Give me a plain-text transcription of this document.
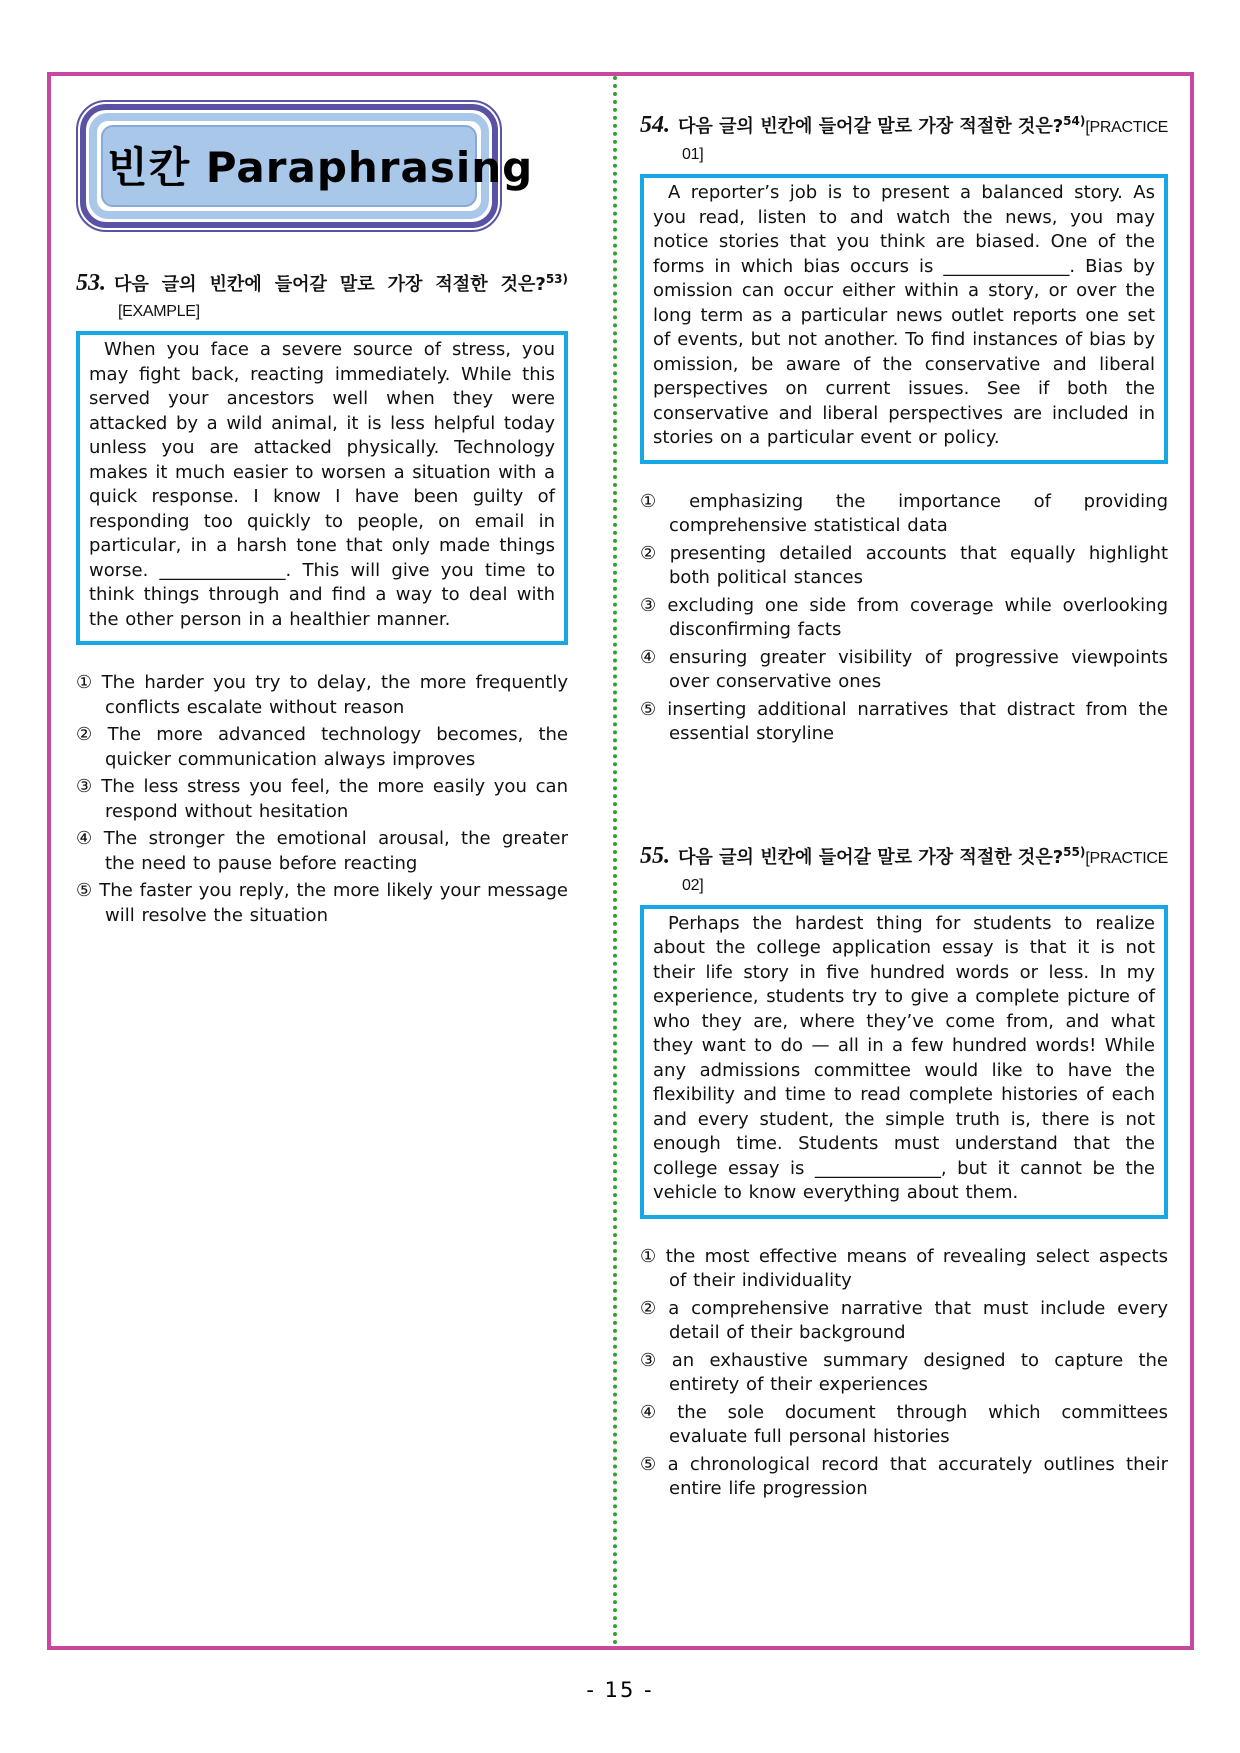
빈칸 Paraphrasing
53. 다음 글의 빈칸에 들어갈 말로 가장 적절한 것은?$^{53)}$[EXAMPLE]

When you face a severe source of stress, you may fight back, reacting immediately. While this served your ancestors well when they were attacked by a wild animal, it is less helpful today unless you are attacked physically. Technology makes it much easier to worsen a situation with a quick response. I know I have been guilty of responding too quickly to people, on email in particular, in a harsh tone that only made things worse. ______________. This will give you time to think things through and find a way to deal with the other person in a healthier manner.

① The harder you try to delay, the more frequently conflicts escalate without reason
② The more advanced technology becomes, the quicker communication always improves
③ The less stress you feel, the more easily you can respond without hesitation
④ The stronger the emotional arousal, the greater the need to pause before reacting
⑤ The faster you reply, the more likely your message will resolve the situation
54. 다음 글의 빈칸에 들어갈 말로 가장 적절한 것은?$^{54)}$[PRACTICE 01]

A reporter’s job is to present a balanced story. As you read, listen to and watch the news, you may notice stories that you think are biased. One of the forms in which bias occurs is ______________. Bias by omission can occur either within a story, or over the long term as a particular news outlet reports one set of events, but not another. To find instances of bias by omission, be aware of the conservative and liberal perspectives on current issues. See if both the conservative and liberal perspectives are included in stories on a particular event or policy.

① emphasizing the importance of providing comprehensive statistical data
② presenting detailed accounts that equally highlight both political stances
③ excluding one side from coverage while overlooking disconfirming facts
④ ensuring greater visibility of progressive viewpoints over conservative ones
⑤ inserting additional narratives that distract from the essential storyline
55. 다음 글의 빈칸에 들어갈 말로 가장 적절한 것은?$^{55)}$[PRACTICE 02]

Perhaps the hardest thing for students to realize about the college application essay is that it is not their life story in five hundred words or less. In my experience, students try to give a complete picture of who they are, where they’ve come from, and what they want to do — all in a few hundred words! While any admissions committee would like to have the flexibility and time to read complete histories of each and every student, the simple truth is, there is not enough time. Students must understand that the college essay is ______________, but it cannot be the vehicle to know everything about them.

① the most effective means of revealing select aspects of their individuality
② a comprehensive narrative that must include every detail of their background
③ an exhaustive summary designed to capture the entirety of their experiences
④ the sole document through which committees evaluate full personal histories
⑤ a chronological record that accurately outlines their entire life progression
- 15 -
